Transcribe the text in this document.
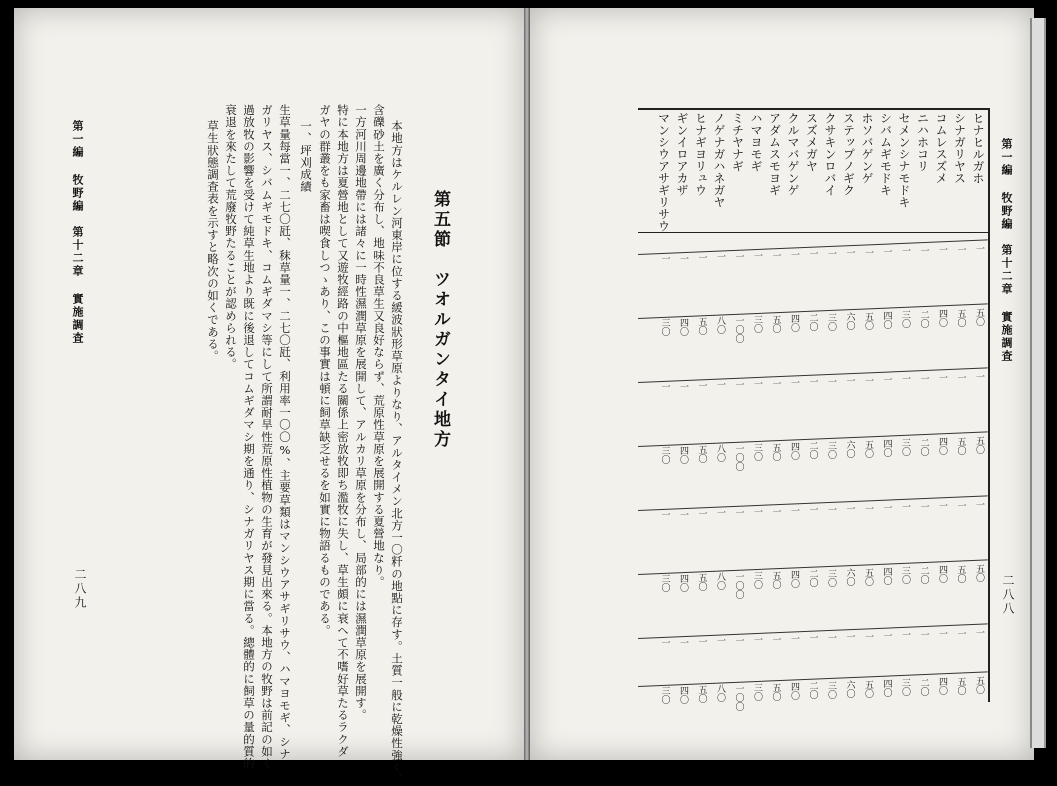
第一編 牧野編　第十二章 實施調査
二八九
草生狀態調査表を示すと略次の如くである。 衰退を來たして荒廢牧野たることが認められる。 過放牧の影響を受けて純草生地より既に後退してコムギダマシ期を通り、シナガリヤス期に當る。總體的に飼草の量的質的 ガリヤス、シバムギモドキ、コムギダマシ等にして所謂耐旱性荒原性植物の生育が發見出來る。本地方の牧野は前記の如く 生草量每當一、二七〇瓩、秣草量一、二七〇瓩、利用率一〇〇%、主要草類はマンシウアサギリサウ、ハマヨモギ、シナ 一、坪刈成績 ガヤの群叢をも家畜は喫食しつゝあり、この事實は頓に飼草缺乏せるを如實に物語るものである。 特に本地方は夏營地として又遊牧經路の中樞地區たる關係上密放牧即ち濫牧に失し、草生頗に衰へて不嗜好草たるラクダ 一方河川周邊地帶には諸々に一時性濕潤草原を展開して、アルカリ草原を分布し、局部的には濕潤草原を展開す。 含礫砂土を廣く分布し、地味不良草生又良好ならず、荒原性草原を展開する夏營地なり。 本地方はケルレン河東岸に位する緩波狀形草原よりなり、アルタイメン北方一〇粁の地點に存す。土質一般に乾燥性強く、 第五節　ツオルガンタイ地方	第一編 牧野編　第十二章 實施調査
二八八
ヒナヒルガホ
一
五〇
一
五〇
一
五〇
一
五〇
シナガリヤス
一
五〇
一
五〇
一
五〇
一
五〇
コムレスズメ
一
四〇
一
四〇
一
四〇
一
四〇
ニハホコリ
一
二〇
一
二〇
一
二〇
一
二〇
セメンシナモドキ
一
三〇
一
三〇
一
三〇
一
三〇
シバムギモドキ
一
四〇
一
四〇
一
四〇
一
四〇
ホソバゲンゲ
一
五〇
一
五〇
一
五〇
一
五〇
ステップノギク
一
六〇
一
六〇
一
六〇
一
六〇
クサキンロバイ
一
三〇
一
三〇
一
三〇
一
三〇
スズメガヤ
一
二〇
一
二〇
一
二〇
一
二〇
クルマバゲンゲ
一
四〇
一
四〇
一
四〇
一
四〇
アダムスモヨギ
一
五〇
一
五〇
一
五〇
一
五〇
ハマヨモギ
一
三〇
一
三〇
一
三〇
一
三〇
ミチヤナギ
一
一〇〇
一
一〇〇
一
一〇〇
一
一〇〇
ノゲナガハネガヤ
一
八〇
一
八〇
一
八〇
一
八〇
ヒナギヨリュウ
一
五〇
一
五〇
一
五〇
一
五〇
ギンイロアカザ
一
四〇
一
四〇
一
四〇
一
四〇
マンシウアサギリサウ
一
三〇
一
三〇
一
三〇
一
三〇
